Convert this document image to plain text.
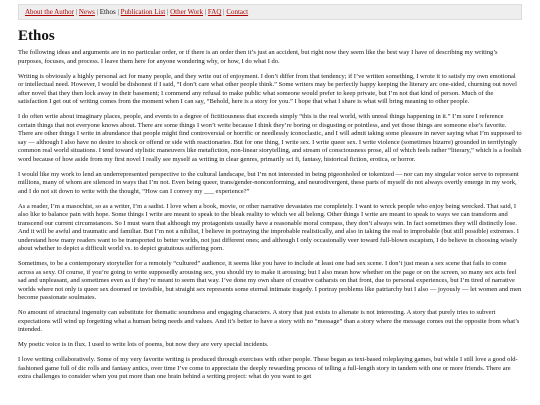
About the Author | News | Ethos | Publication List | Other Work | FAQ | Contact
Ethos

The following ideas and arguments are in no particular order, or if there is an order then it’s just an accident, but right now they seem like the best way I have of describing my writing’s purposes, focuses, and process. I leave them here for anyone wondering why, or how, I do what I do.

Writing is obviously a highly personal act for many people, and they write out of enjoyment. I don’t differ from that tendency; if I’ve written something, I wrote it to satisfy my own emotional or intellectual need. However, I would be dishonest if I said, “I don’t care what other people think.” Some writers may be perfectly happy keeping the literary arc one-sided, churning out novel after novel that they then lock away in their basement; I commend any refusal to make public what someone would prefer to keep private, but I’m not that kind of person. Much of the satisfaction I get out of writing comes from the moment when I can say, “Behold, here is a story for you.” I hope that what I share is what will bring meaning to other people.

I do often write about imaginary places, people, and events to a degree of fictitiousness that exceeds simply “this is the real world, with unreal things happening in it.” I’m sure I reference certain things that not everyone knows about. There are some things I won’t write because I think they’re boring or disgusting or pointless, and yet those things are someone else’s favorite. There are other things I write in abundance that people might find controversial or horrific or needlessly iconoclastic, and I will admit taking some pleasure in never saying what I’m supposed to say — although I also have no desire to shock or offend or side with reactionaries. But for one thing, I write sex. I write queer sex. I write violence (sometimes bizarre) grounded in terrifyingly common real world situations. I tend toward stylistic maneuvers like metafiction, non-linear storytelling, and stream of consciousness prose, all of which feels rather “literary,” which is a foolish word because of how aside from my first novel I really see myself as writing in clear genres, primarily sci fi, fantasy, historical fiction, erotica, or horror.

I would like my work to lend an underrepresented perspective to the cultural landscape, but I’m not interested in being pigeonholed or tokenized — nor can my singular voice serve to represent millions, many of whom are silenced in ways that I’m not. Even being queer, trans/gender-nonconforming, and neurodivergent, these parts of myself do not always overtly emerge in my work, and I do not sit down to write with the thought, “How can I convey my ___ experience?”

As a reader, I’m a masochist, so as a writer, I’m a sadist. I love when a book, movie, or other narrative devastates me completely. I want to wreck people who enjoy being wrecked. That said, I also like to balance pain with hope. Some things I write are meant to speak to the bleak reality to which we all belong. Other things I write are meant to speak to ways we can transform and transcend our current circumstances. So I must warn that although my protagonists usually have a reasonable moral compass, they don’t always win. In fact sometimes they will distinctly lose. And it will be awful and traumatic and familiar. But I’m not a nihilist, I believe in portraying the improbable realistically, and also in taking the real to improbable (but still possible) extremes. I understand how many readers want to be transported to better worlds, not just different ones; and although I only occasionally veer toward full-blown escapism, I do believe in choosing wisely about whether to depict a difficult world vs. to depict gratuitous suffering porn.

Sometimes, to be a contemporary storyteller for a remotely “cultured” audience, it seems like you have to include at least one bad sex scene. I don’t just mean a sex scene that fails to come across as sexy. Of course, if you’re going to write supposedly arousing sex, you should try to make it arousing; but I also mean how whether on the page or on the screen, so many sex acts feel sad and unpleasant, and sometimes even as if they’re meant to seem that way. I’ve done my own share of creative catharsis on that front, due to personal experiences, but I’m tired of narrative worlds where not only is queer sex doomed or invisible, but straight sex represents some eternal intimate tragedy. I portray problems like patriarchy but I also — joyously — let women and men become passionate soulmates.

No amount of structural ingenuity can substitute for thematic soundness and engaging characters. A story that just exists to alienate is not interesting. A story that purely tries to subvert expectations will wind up forgetting what a human being needs and values. And it’s better to have a story with no “message” than a story where the message comes out the opposite from what’s intended.

My poetic voice is in flux. I used to write lots of poems, but now they are very special incidents.

I love writing collaboratively. Some of my very favorite writing is produced through exercises with other people. These began as text-based roleplaying games, but while I still love a good old-fashioned game full of dic rolls and fantasy antics, over time I’ve come to appreciate the deeply rewarding process of telling a full-length story in tandem with one or more friends. There are extra challenges to consider when you put more than one brain behind a writing project: what do you want to get
